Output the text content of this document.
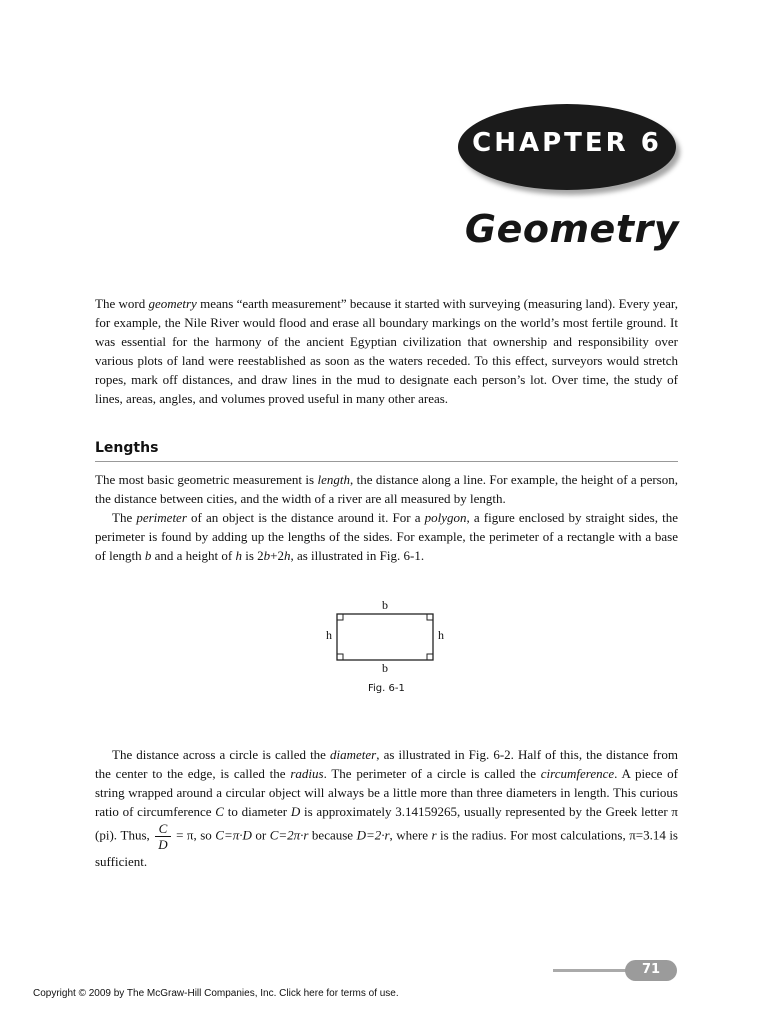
CHAPTER 6
Geometry

The word geometry means “earth measurement” because it started with surveying (measuring land). Every year, for example, the Nile River would flood and erase all boundary markings on the world’s most fertile ground. It was essential for the harmony of the ancient Egyptian civilization that ownership and responsibility over various plots of land were reestablished as soon as the waters receded. To this effect, surveyors would stretch ropes, mark off distances, and draw lines in the mud to designate each person’s lot. Over time, the study of lines, areas, angles, and volumes proved useful in many other areas.

Lengths

The most basic geometric measurement is length, the distance along a line. For example, the height of a person, the distance between cities, and the width of a river are all measured by length.

The perimeter of an object is the distance around it. For a polygon, a figure enclosed by straight sides, the perimeter is found by adding up the lengths of the sides. For example, the perimeter of a rectangle with a base of length b and a height of h is 2b+2h, as illustrated in Fig. 6-1.

b
b
h	h
Fig. 6-1

The distance across a circle is called the diameter, as illustrated in Fig. 6-2. Half of this, the distance from the center to the edge, is called the radius. The perimeter of a circle is called the circumference. A piece of string wrapped around a circular object will always be a little more than three diameters in length. This curious ratio of circumference C to diameter D is approximately 3.14159265, usually represented by the Greek letter π (pi). Thus, $\frac{C}{D} = \pi$, so C=π·D or C=2π·r because D=2·r, where r is the radius. For most calculations, π=3.14 is sufficient.

71
Copyright © 2009 by The McGraw-Hill Companies, Inc. Click here for terms of use.
